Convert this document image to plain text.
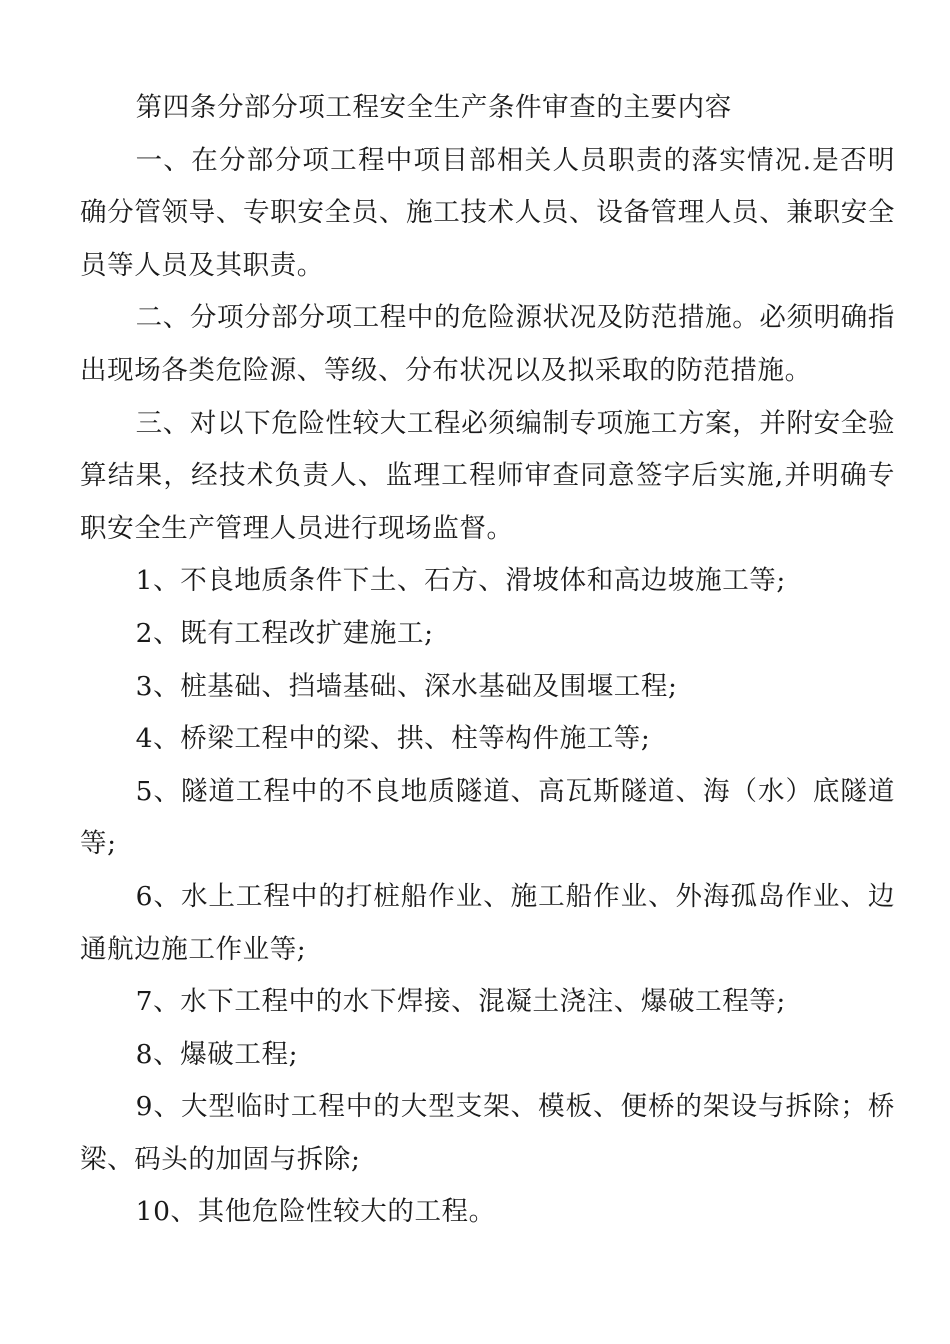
第四条分部分项工程安全生产条件审查的主要内容

一、在分部分项工程中项目部相关人员职责的落实情况.是否明确分管领导、专职安全员、施工技术人员、设备管理人员、兼职安全员等人员及其职责。

二、分项分部分项工程中的危险源状况及防范措施。必须明确指出现场各类危险源、等级、分布状况以及拟采取的防范措施。

三、对以下危险性较大工程必须编制专项施工方案，并附安全验算结果，经技术负责人、监理工程师审查同意签字后实施,并明确专职安全生产管理人员进行现场监督。

1、不良地质条件下土、石方、滑坡体和高边坡施工等;

2、既有工程改扩建施工;

3、桩基础、挡墙基础、深水基础及围堰工程;

4、桥梁工程中的梁、拱、柱等构件施工等;

5、隧道工程中的不良地质隧道、高瓦斯隧道、海（水）底隧道等;

6、水上工程中的打桩船作业、施工船作业、外海孤岛作业、边通航边施工作业等;

7、水下工程中的水下焊接、混凝土浇注、爆破工程等;

8、爆破工程;

9、大型临时工程中的大型支架、模板、便桥的架设与拆除；桥梁、码头的加固与拆除;

10、其他危险性较大的工程。
